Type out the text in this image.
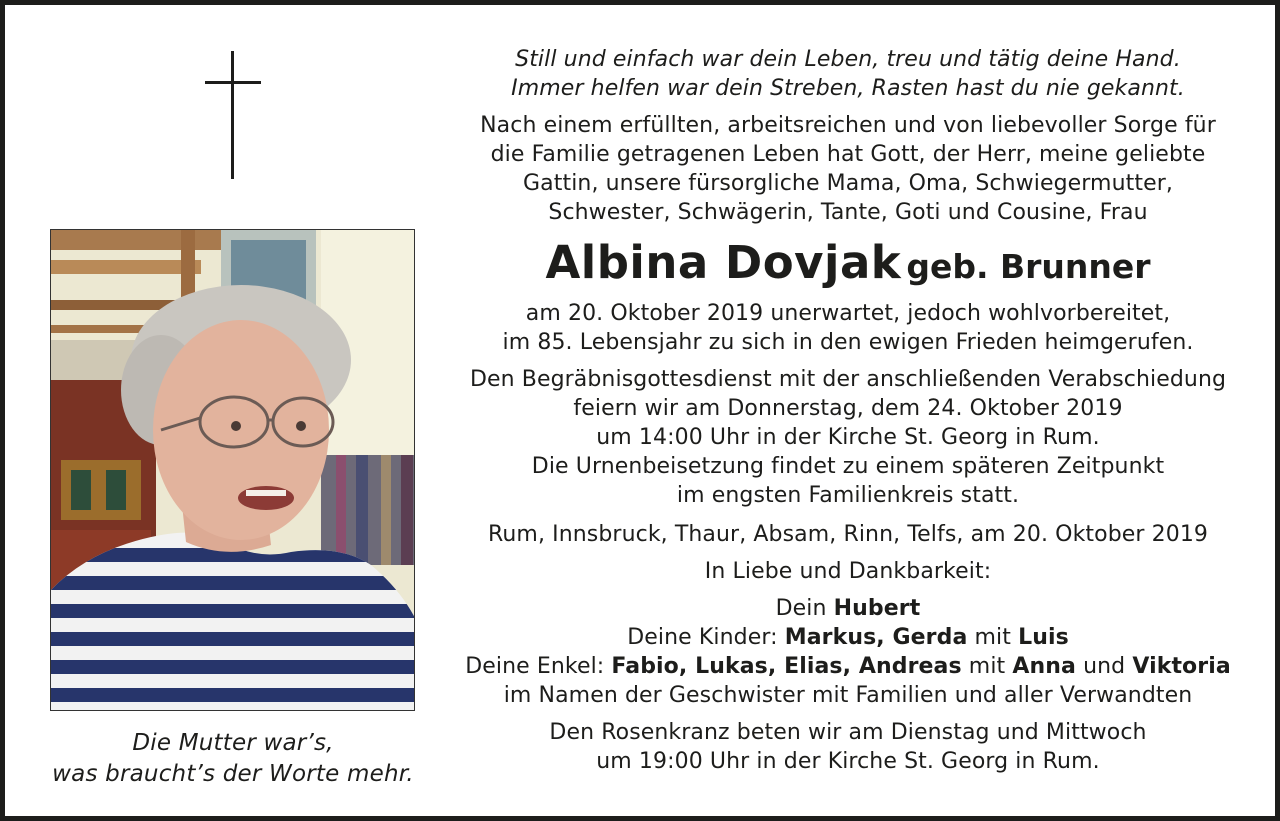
Die Mutter war’s,
was braucht’s der Worte mehr.
Still und einfach war dein Leben, treu und tätig deine Hand.
Immer helfen war dein Streben, Rasten hast du nie gekannt.
Nach einem erfüllten, arbeitsreichen und von liebevoller Sorge für
die Familie getragenen Leben hat Gott, der Herr, meine geliebte
Gattin, unsere fürsorgliche Mama, Oma, Schwiegermutter,
Schwester, Schwägerin, Tante, Goti und Cousine, Frau
Albina Dovjak geb. Brunner
am 20. Oktober 2019 unerwartet, jedoch wohlvorbereitet,
im 85. Lebensjahr zu sich in den ewigen Frieden heimgerufen.
Den Begräbnisgottesdienst mit der anschließenden Verabschiedung
feiern wir am Donnerstag, dem 24. Oktober 2019
um 14:00 Uhr in der Kirche St. Georg in Rum.
Die Urnenbeisetzung findet zu einem späteren Zeitpunkt
im engsten Familienkreis statt.
Rum, Innsbruck, Thaur, Absam, Rinn, Telfs, am 20. Oktober 2019
In Liebe und Dankbarkeit:
Dein Hubert
Deine Kinder: Markus, Gerda mit Luis
Deine Enkel: Fabio, Lukas, Elias, Andreas mit Anna und Viktoria
im Namen der Geschwister mit Familien und aller Verwandten
Den Rosenkranz beten wir am Dienstag und Mittwoch
um 19:00 Uhr in der Kirche St. Georg in Rum.
